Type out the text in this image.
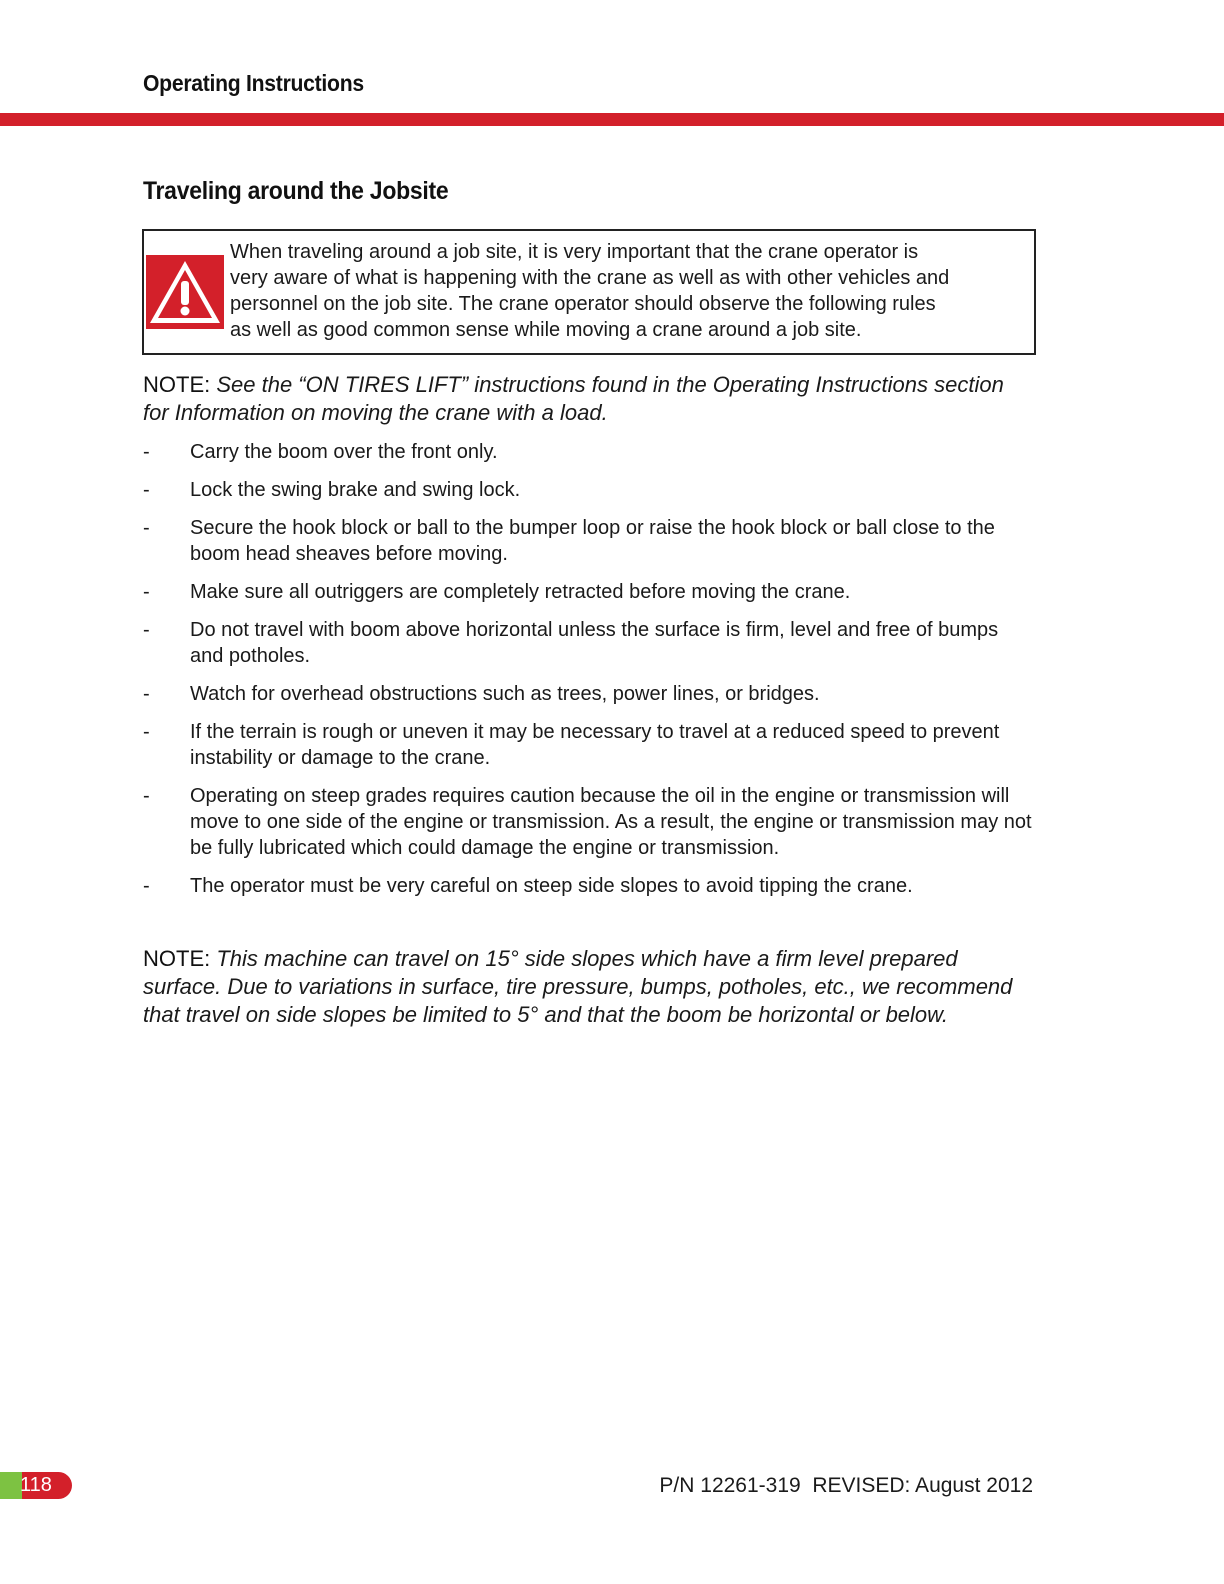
Operating Instructions
Traveling around the Jobsite
When traveling around a job site, it is very important that the crane operator is
very aware of what is happening with the crane as well as with other vehicles and
personnel on the job site. The crane operator should observe the following rules
as well as good common sense while moving a crane around a job site.
NOTE: See the “ON TIRES LIFT” instructions found in the Operating Instructions section for Information on moving the crane with a load.
- Carry the boom over the front only.
- Lock the swing brake and swing lock.
- Secure the hook block or ball to the bumper loop or raise the hook block or ball close to the boom head sheaves before moving.
- Make sure all outriggers are completely retracted before moving the crane.
- Do not travel with boom above horizontal unless the surface is firm, level and free of bumps and potholes.
- Watch for overhead obstructions such as trees, power lines, or bridges.
- If the terrain is rough or uneven it may be necessary to travel at a reduced speed to prevent instability or damage to the crane.
- Operating on steep grades requires caution because the oil in the engine or transmission will move to one side of the engine or transmission. As a result, the engine or transmission may not be fully lubricated which could damage the engine or transmission.
- The operator must be very careful on steep side slopes to avoid tipping the crane.
NOTE: This machine can travel on 15° side slopes which have a firm level prepared surface. Due to variations in surface, tire pressure, bumps, potholes, etc., we recommend that travel on side slopes be limited to 5° and that the boom be horizontal or below.
118	P/N 12261-319  REVISED: August 2012
